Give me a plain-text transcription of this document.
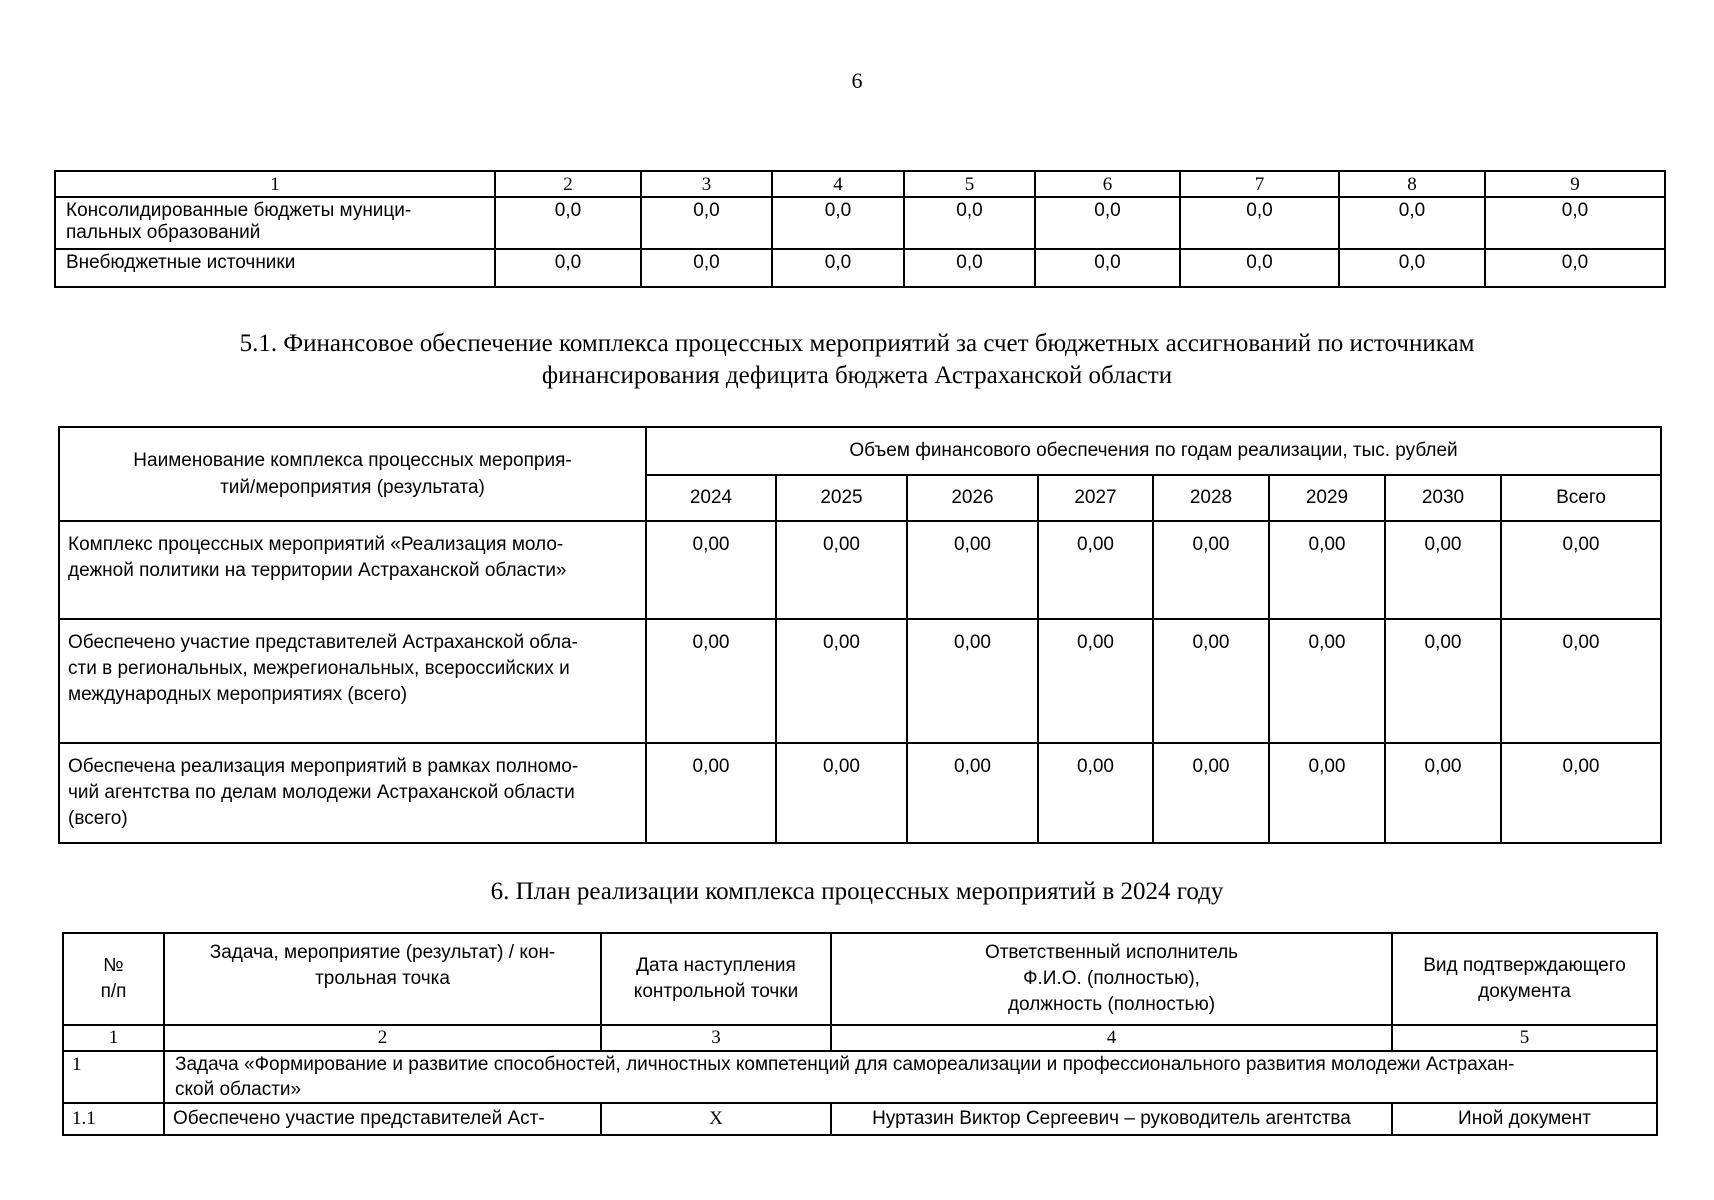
6
1	2	3	4	5	6	7	8	9
Консолидированные бюджеты муници-
пальных образований	0,0	0,0	0,0	0,0	0,0	0,0	0,0	0,0
Внебюджетные источники	0,0	0,0	0,0	0,0	0,0	0,0	0,0	0,0
5.1. Финансовое обеспечение комплекса процессных мероприятий за счет бюджетных ассигнований по источникам
финансирования дефицита бюджета Астраханской области
Наименование комплекса процессных мероприя-
тий/мероприятия (результата)	Объем финансового обеспечения по годам реализации, тыс. рублей							
	2024	2025	2026	2027	2028	2029	2030	Всего
Комплекс процессных мероприятий «Реализация моло-
дежной политики на территории Астраханской области»	0,00	0,00	0,00	0,00	0,00	0,00	0,00	0,00
Обеспечено участие представителей Астраханской обла-
сти в региональных, межрегиональных, всероссийских и
международных мероприятиях (всего)	0,00	0,00	0,00	0,00	0,00	0,00	0,00	0,00
Обеспечена реализация мероприятий в рамках полномо-
чий агентства по делам молодежи Астраханской области
(всего)	0,00	0,00	0,00	0,00	0,00	0,00	0,00	0,00
6. План реализации комплекса процессных мероприятий в 2024 году
№
п/п	Задача, мероприятие (результат) / кон-
трольная точка	Дата наступления
контрольной точки	Ответственный исполнитель
Ф.И.О. (полностью),
должность (полностью)	Вид подтверждающего
документа
1	2	3	4	5
1	Задача «Формирование и развитие способностей, личностных компетенций для самореализации и профессионального развития молодежи Астрахан-
ской области»			
1.1	Обеспечено участие представителей Аст-	Х	Нуртазин Виктор Сергеевич – руководитель агентства	Иной документ
